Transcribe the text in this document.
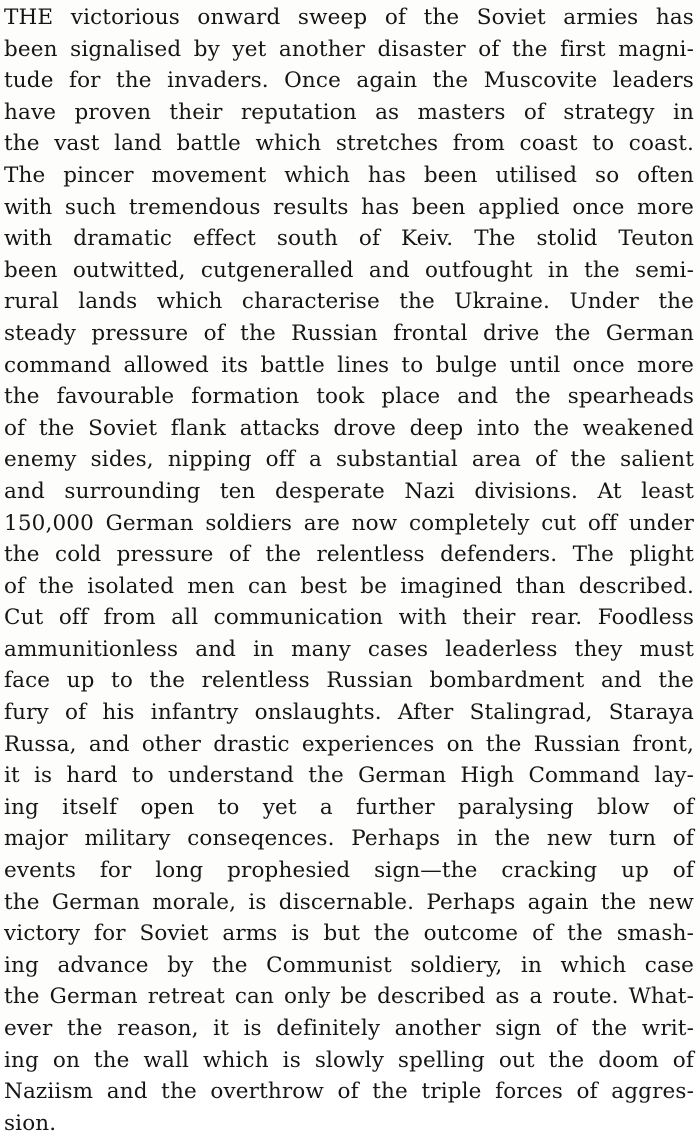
THE victorious onward sweep of the Soviet armies has
been signalised by yet another disaster of the first magni-
tude for the invaders. Once again the Muscovite leaders
have proven their reputation as masters of strategy in
the vast land battle which stretches from coast to coast.
The pincer movement which has been utilised so often
with such tremendous results has been applied once more
with dramatic effect south of Keiv. The stolid Teuton
been outwitted, cutgeneralled and outfought in the semi-
rural lands which characterise the Ukraine. Under the
steady pressure of the Russian frontal drive the German
command allowed its battle lines to bulge until once more
the favourable formation took place and the spearheads
of the Soviet flank attacks drove deep into the weakened
enemy sides, nipping off a substantial area of the salient
and surrounding ten desperate Nazi divisions. At least
150,000 German soldiers are now completely cut off under
the cold pressure of the relentless defenders. The plight
of the isolated men can best be imagined than described.
Cut off from all communication with their rear. Foodless
ammunitionless and in many cases leaderless they must
face up to the relentless Russian bombardment and the
fury of his infantry onslaughts. After Stalingrad, Staraya
Russa, and other drastic experiences on the Russian front,
it is hard to understand the German High Command lay-
ing itself open to yet a further paralysing blow of
major military conseqences. Perhaps in the new turn of
events for long prophesied sign—the cracking up of
the German morale, is discernable. Perhaps again the new
victory for Soviet arms is but the outcome of the smash-
ing advance by the Communist soldiery, in which case
the German retreat can only be described as a route. What-
ever the reason, it is definitely another sign of the writ-
ing on the wall which is slowly spelling out the doom of
Naziism and the overthrow of the triple forces of aggres-
sion.
